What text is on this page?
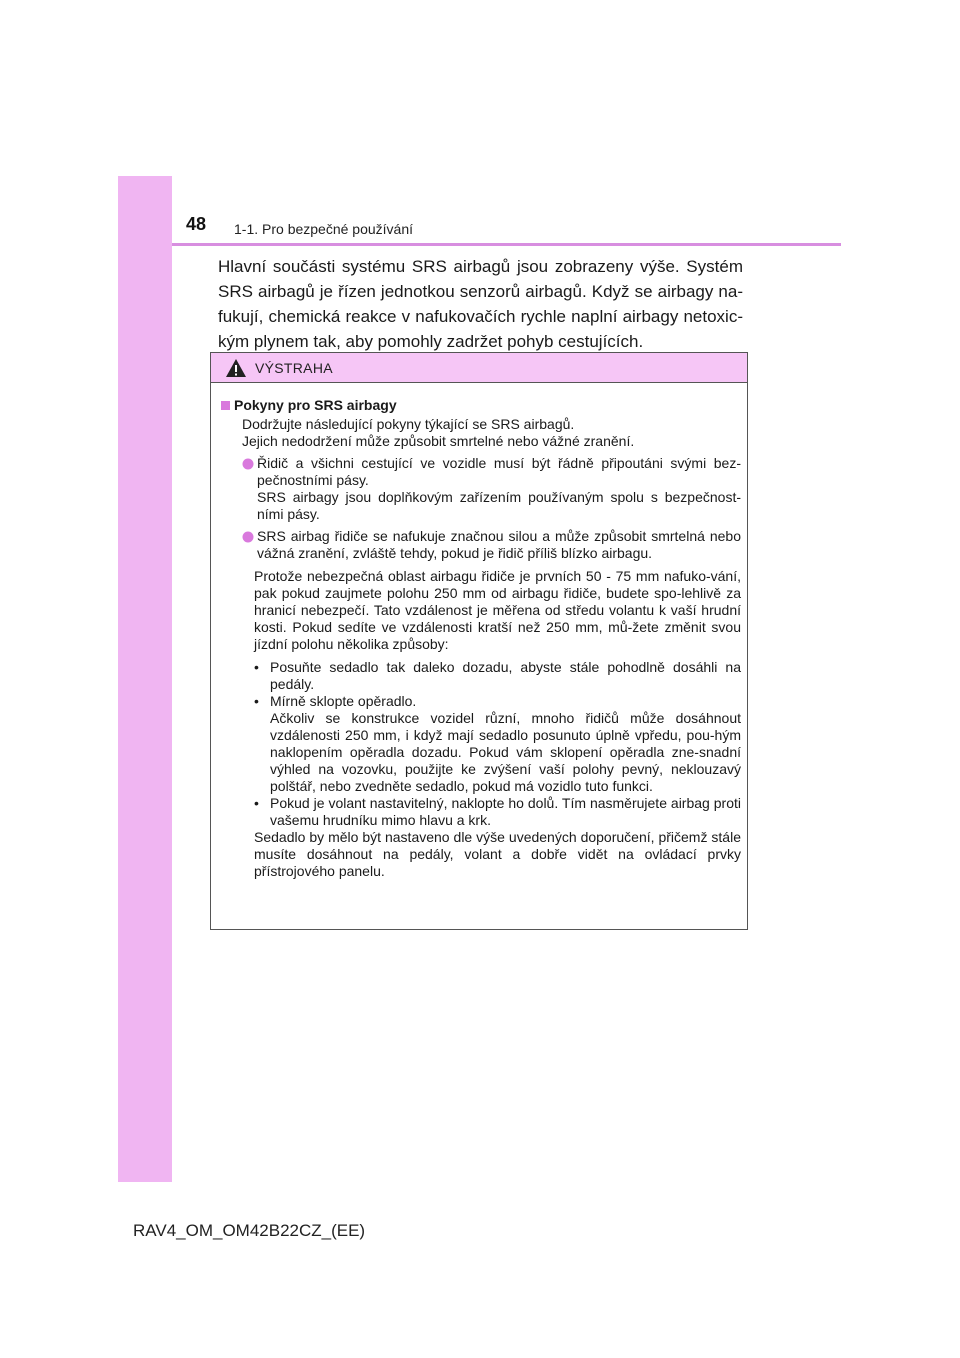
48 1-1. Pro bezpečné používání
Hlavní součásti systému SRS airbagů jsou zobrazeny výše. Systém SRS airbagů je řízen jednotkou senzorů airbagů. Když se airbagy na-fukují, chemická reakce v nafukovačích rychle naplní airbagy netoxic-kým plynem tak, aby pomohly zadržet pohyb cestujících.
VÝSTRAHA
Pokyny pro SRS airbagy
Dodržujte následující pokyny týkající se SRS airbagů.
Jejich nedodržení může způsobit smrtelné nebo vážné zranění.
Řidič a všichni cestující ve vozidle musí být řádně připoutáni svými bez-pečnostními pásy.
SRS airbagy jsou doplňkovým zařízením používaným spolu s bezpečnost-ními pásy.
SRS airbag řidiče se nafukuje značnou silou a může způsobit smrtelná nebo vážná zranění, zvláště tehdy, pokud je řidič příliš blízko airbagu.
Protože nebezpečná oblast airbagu řidiče je prvních 50 - 75 mm nafuko-vání, pak pokud zaujmete polohu 250 mm od airbagu řidiče, budete spo-lehlivě za hranicí nebezpečí. Tato vzdálenost je měřena od středu volantu k vaší hrudní kosti. Pokud sedíte ve vzdálenosti kratší než 250 mm, mů-žete změnit svou jízdní polohu několika způsoby:
• Posuňte sedadlo tak daleko dozadu, abyste stále pohodlně dosáhli na pedály.
• Mírně sklopte opěradlo.
Ačkoliv se konstrukce vozidel různí, mnoho řidičů může dosáhnout vzdálenosti 250 mm, i když mají sedadlo posunuto úplně vpředu, pou-hým naklopením opěradla dozadu. Pokud vám sklopení opěradla zne-snadní výhled na vozovku, použijte ke zvýšení vaší polohy pevný, neklouzavý polštář, nebo zvedněte sedadlo, pokud má vozidlo tuto funkci.
• Pokud je volant nastavitelný, naklopte ho dolů. Tím nasměrujete airbag proti vašemu hrudníku mimo hlavu a krk.
Sedadlo by mělo být nastaveno dle výše uvedených doporučení, přičemž stále musíte dosáhnout na pedály, volant a dobře vidět na ovládací prvky přístrojového panelu.
RAV4_OM_OM42B22CZ_(EE)
